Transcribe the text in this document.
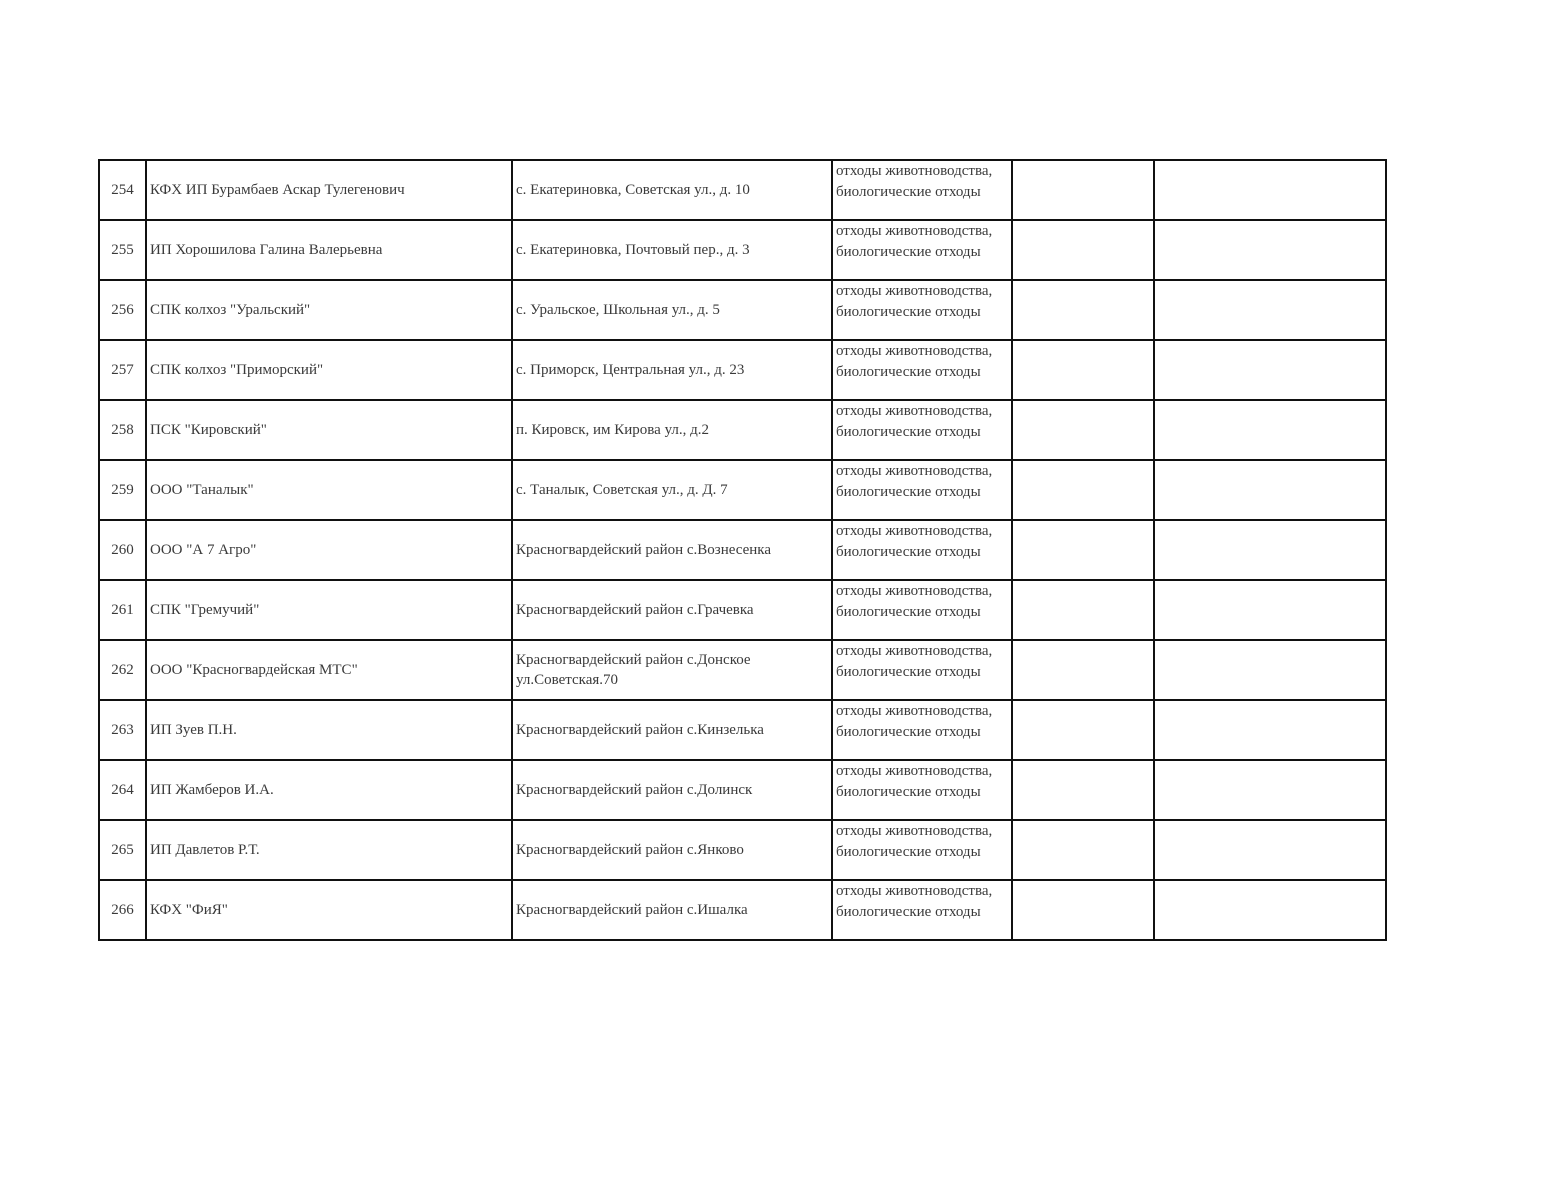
254	КФХ ИП Бурамбаев Аскар Тулегенович	с. Екатериновка, Советская ул., д. 10	отходы животноводства,
биологические отходы		

255	ИП Хорошилова Галина Валерьевна	с. Екатериновка, Почтовый пер., д. 3	отходы животноводства,
биологические отходы		

256	СПК колхоз "Уральский"	с. Уральское, Школьная ул., д. 5	отходы животноводства,
биологические отходы		

257	СПК колхоз "Приморский"	с. Приморск, Центральная ул., д. 23	отходы животноводства,
биологические отходы		

258	ПСК "Кировский"	п. Кировск, им Кирова ул., д.2	отходы животноводства,
биологические отходы		

259	ООО "Таналык"	с. Таналык, Советская ул., д. Д. 7	отходы животноводства,
биологические отходы		

260	ООО "А 7 Агро"	Красногвардейский район с.Вознесенка	отходы животноводства,
биологические отходы		

261	СПК "Гремучий"	Красногвардейский район с.Грачевка	отходы животноводства,
биологические отходы		

262	ООО "Красногвардейская МТС"	Красногвардейский район с.Донское ул.Советская.70	отходы животноводства,
биологические отходы		

263	ИП Зуев П.Н.	Красногвардейский район с.Кинзелька	отходы животноводства,
биологические отходы		

264	ИП Жамберов И.А.	Красногвардейский район с.Долинск	отходы животноводства,
биологические отходы		

265	ИП Давлетов Р.Т.	Красногвардейский район с.Янково	отходы животноводства,
биологические отходы		

266	КФХ "ФиЯ"	Красногвардейский район с.Ишалка	отходы животноводства,
биологические отходы		
